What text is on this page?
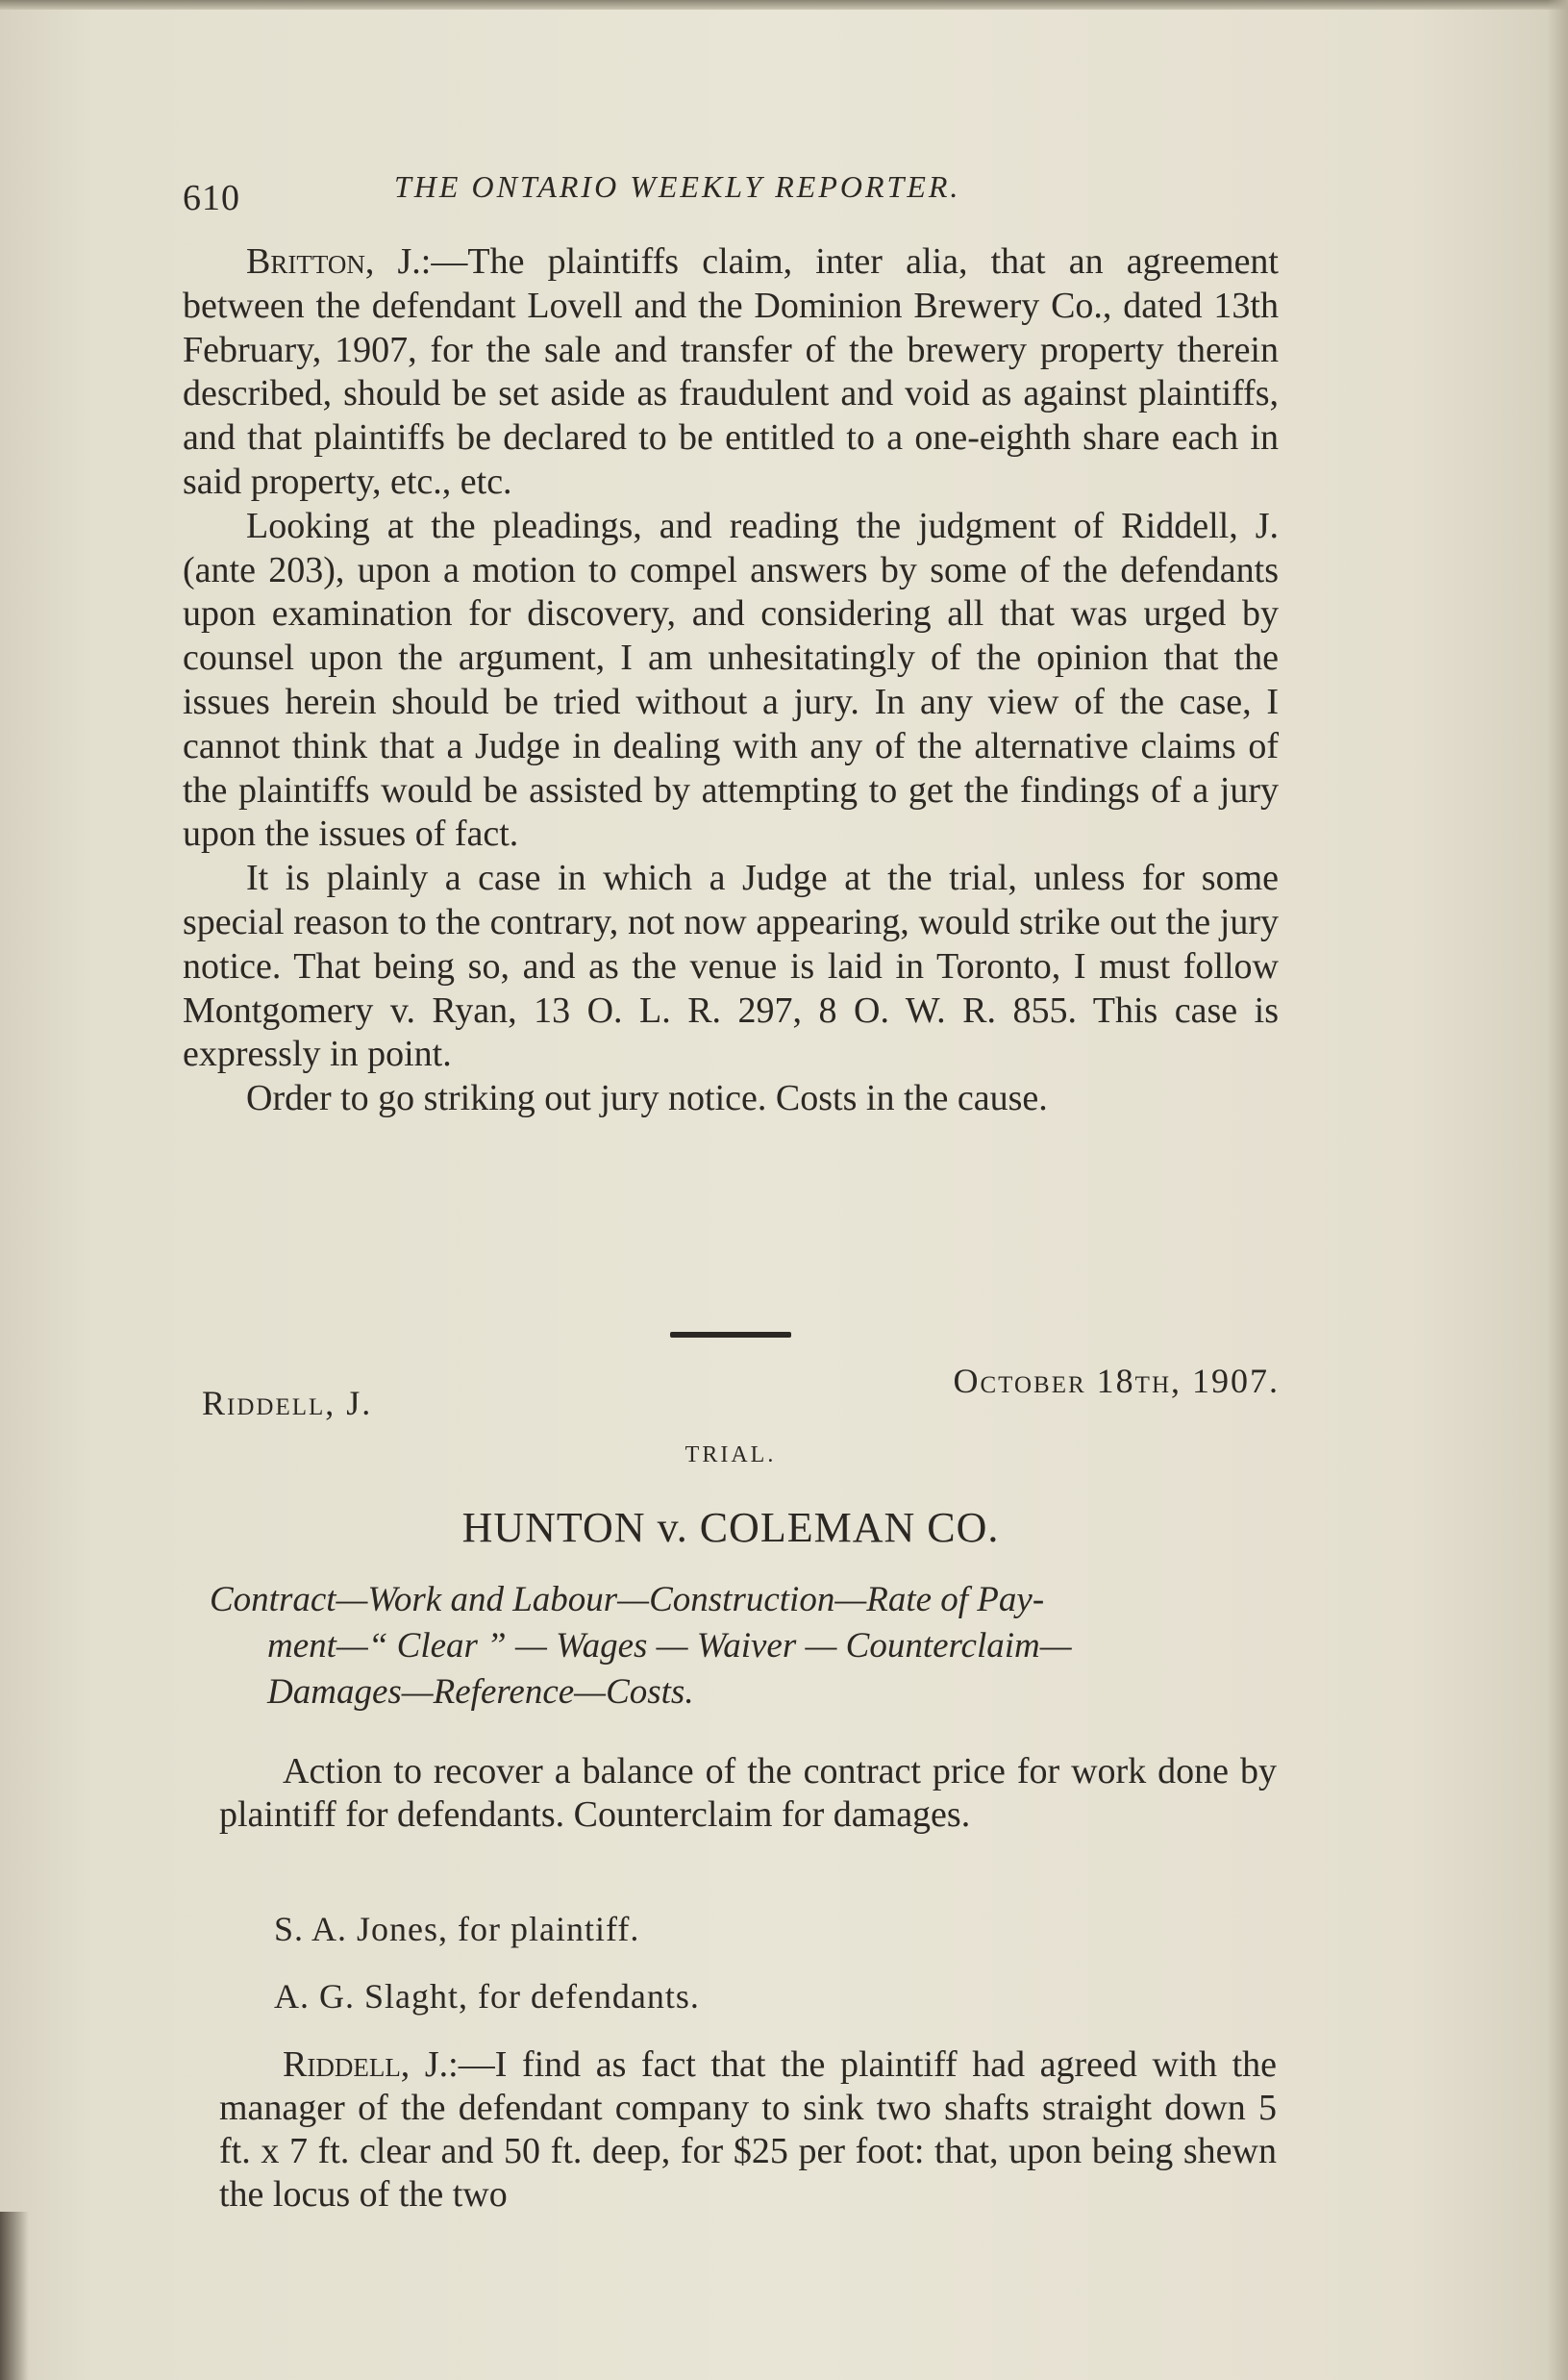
610	THE ONTARIO WEEKLY REPORTER.

Britton, J.:—The plaintiffs claim, inter alia, that an agreement between the defendant Lovell and the Dominion Brewery Co., dated 13th February, 1907, for the sale and transfer of the brewery property therein described, should be set aside as fraudulent and void as against plaintiffs, and that plaintiffs be declared to be entitled to a one-eighth share each in said property, etc., etc.

Looking at the pleadings, and reading the judgment of Riddell, J. (ante 203), upon a motion to compel answers by some of the defendants upon examination for discovery, and considering all that was urged by counsel upon the argument, I am unhesitatingly of the opinion that the issues herein should be tried without a jury. In any view of the case, I cannot think that a Judge in dealing with any of the alternative claims of the plaintiffs would be assisted by attempting to get the findings of a jury upon the issues of fact.

It is plainly a case in which a Judge at the trial, unless for some special reason to the contrary, not now appearing, would strike out the jury notice. That being so, and as the venue is laid in Toronto, I must follow Montgomery v. Ryan, 13 O. L. R. 297, 8 O. W. R. 855. This case is expressly in point.

Order to go striking out jury notice. Costs in the cause.

Riddell, J.
October 18th, 1907.
TRIAL.
HUNTON v. COLEMAN CO.
Contract—Work and Labour—Construction—Rate of Pay-
ment—“ Clear ” — Wages — Waiver — Counterclaim—
Damages—Reference—Costs.

Action to recover a balance of the contract price for work done by plaintiff for defendants. Counterclaim for damages.

S. A. Jones, for plaintiff.
A. G. Slaght, for defendants.

Riddell, J.:—I find as fact that the plaintiff had agreed with the manager of the defendant company to sink two shafts straight down 5 ft. x 7 ft. clear and 50 ft. deep, for $25 per foot: that, upon being shewn the locus of the two
